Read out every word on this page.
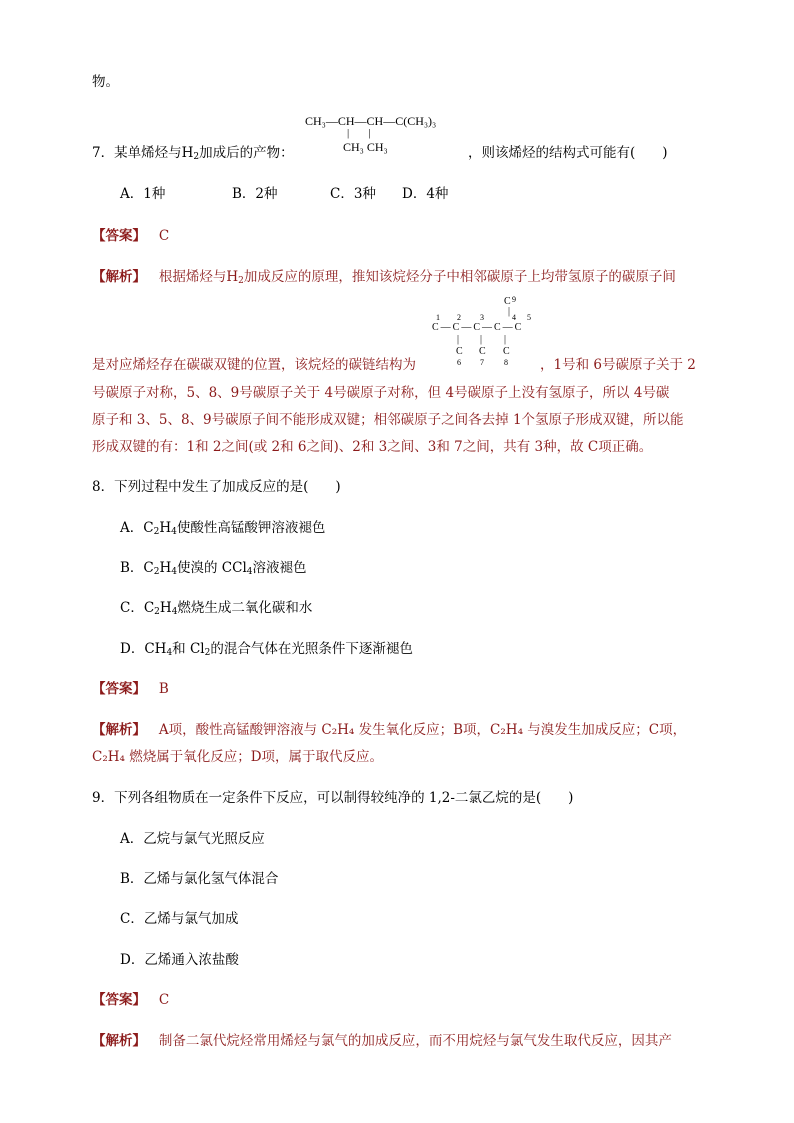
物。
CH₃—CH—CH—C(CH₃)₃
|       |
CH₃ CH₃
7．某单烯烃与$H_2$加成后的产物：	，则该烯烃的结构式可能有(　　)
A．1种	B．2种	C．3种 D．4种
【答案】 C
【解析】 根据烯烃与$H_2$加成反应的原理，推知该烷烃分子中相邻碳原子上均带氢原子的碳原子间
C 9
|
1 2 3	4 5
C—C—C—C—C
| | |
C C C
6 7	8
是对应烯烃存在碳碳双键的位置，该烷烃的碳链结构为	，1号和 6号碳原子关于 2
号碳原子对称，5、8、9号碳原子关于 4号碳原子对称，但 4号碳原子上没有氢原子，所以 4号碳
原子和 3、5、8、9号碳原子间不能形成双键；相邻碳原子之间各去掉 1个氢原子形成双键，所以能
形成双键的有：1和 2之间(或 2和 6之间)、2和 3之间、3和 7之间，共有 3种，故 C项正确。
8．下列过程中发生了加成反应的是(　　)
A．$C_2H_4$使酸性高锰酸钾溶液褪色
B．$C_2H_4$使溴的 CCl$_4$溶液褪色
C．$C_2H_4$燃烧生成二氧化碳和水
D．$CH_4$和 $Cl_2$的混合气体在光照条件下逐渐褪色
【答案】 B
【解析】 A项，酸性高锰酸钾溶液与 C₂H₄ 发生氧化反应；B项，C₂H₄ 与溴发生加成反应；C项，
C₂H₄ 燃烧属于氧化反应；D项，属于取代反应。
9．下列各组物质在一定条件下反应，可以制得较纯净的 1,2-二氯乙烷的是(　　)
A．乙烷与氯气光照反应
B．乙烯与氯化氢气体混合
C．乙烯与氯气加成
D．乙烯通入浓盐酸
【答案】 C
【解析】 制备二氯代烷烃常用烯烃与氯气的加成反应，而不用烷烃与氯气发生取代反应，因其产
